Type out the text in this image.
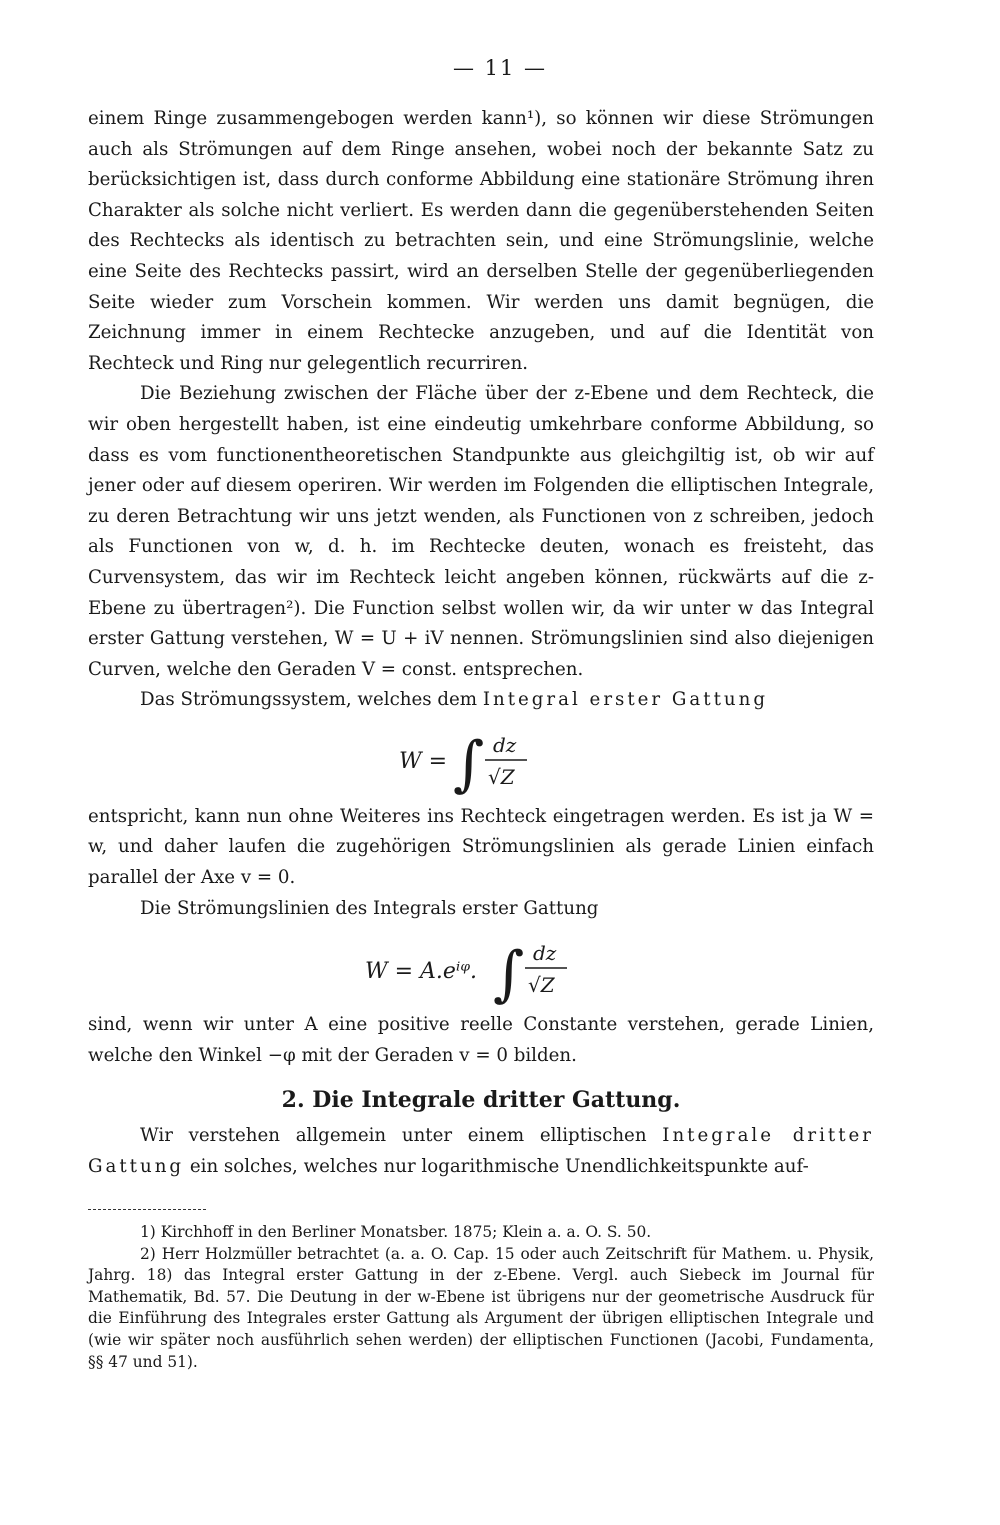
— 11 —

einem Ringe zusammengebogen werden kann¹), so können wir diese Strömungen auch als Strömungen auf dem Ringe ansehen, wobei noch der bekannte Satz zu berücksichtigen ist, dass durch conforme Abbildung eine stationäre Strömung ihren Charakter als solche nicht verliert. Es werden dann die gegenüberstehenden Seiten des Rechtecks als identisch zu betrachten sein, und eine Strömungslinie, welche eine Seite des Rechtecks passirt, wird an derselben Stelle der gegenüberliegenden Seite wieder zum Vorschein kommen. Wir werden uns damit begnügen, die Zeichnung immer in einem Rechtecke anzugeben, und auf die Identität von Rechteck und Ring nur gelegentlich recurriren.

Die Beziehung zwischen der Fläche über der z-Ebene und dem Rechteck, die wir oben hergestellt haben, ist eine eindeutig umkehrbare conforme Abbildung, so dass es vom functionentheoretischen Standpunkte aus gleichgiltig ist, ob wir auf jener oder auf diesem operiren. Wir werden im Folgenden die elliptischen Integrale, zu deren Betrachtung wir uns jetzt wenden, als Functionen von z schreiben, jedoch als Functionen von w, d. h. im Rechtecke deuten, wonach es freisteht, das Curvensystem, das wir im Rechteck leicht angeben können, rückwärts auf die z-Ebene zu übertragen²). Die Function selbst wollen wir, da wir unter w das Integral erster Gattung verstehen, W = U + iV nennen. Strömungslinien sind also diejenigen Curven, welche den Geraden V = const. entsprechen.

Das Strömungssystem, welches dem Integral erster Gattung

W = ∫ dz
√Z

entspricht, kann nun ohne Weiteres ins Rechteck eingetragen werden. Es ist ja W = w, und daher laufen die zugehörigen Strömungslinien als gerade Linien einfach parallel der Axe v = 0.

Die Strömungslinien des Integrals erster Gattung

W = A.eⁱᵠ. ∫ dz
√Z

sind, wenn wir unter A eine positive reelle Constante verstehen, gerade Linien, welche den Winkel −φ mit der Geraden v = 0 bilden.

2. Die Integrale dritter Gattung.

Wir verstehen allgemein unter einem elliptischen Integrale dritter Gattung ein solches, welches nur logarithmische Unendlichkeitspunkte auf-

1) Kirchhoff in den Berliner Monatsber. 1875; Klein a. a. O. S. 50.

2) Herr Holzmüller betrachtet (a. a. O. Cap. 15 oder auch Zeitschrift für Mathem. u. Physik, Jahrg. 18) das Integral erster Gattung in der z-Ebene. Vergl. auch Siebeck im Journal für Mathematik, Bd. 57. Die Deutung in der w-Ebene ist übrigens nur der geometrische Ausdruck für die Einführung des Integrales erster Gattung als Argument der übrigen elliptischen Integrale und (wie wir später noch ausführlich sehen werden) der elliptischen Functionen (Jacobi, Fundamenta, §§ 47 und 51).
